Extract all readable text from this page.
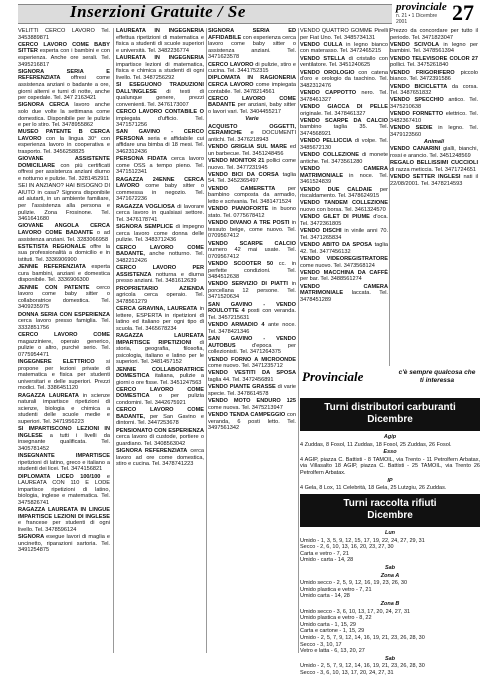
Inserzioni Gratuite / Se	provinciale
n. 21 • 1 Dicembre 2001	27

VELITTI CERCO LAVORO Tel. 3453889871

CERCO LAVORO COME BABY SITTER esperta con i bambini e con esperienza. Anche ore serali. Tel. 3495216817

SIGNORA SERIA E REFERENZIATA offresi come assistenza anziani o badante a ore, giorni alterni e turni di notte, anche per ospedale. Tel. 347 2163421

SIGNORA CERCA lavoro anche solo due volte la settimana come domestica. Disponibile per le pulizie e per lo stiro. Tel. 3478955862

MUSEO PATENTE B CERCA LAVORO con la lingua 30° con esperienza lavoro in cooperativa e trasporto. Tel. 3456258825

GIOVANE ASSISTENTE DOMICILIARE con più certificati offresi per assistenza anziani diurno e notturno e pulizie. Tel. 3281452911

SEI IN ANZIANO? HAI BISOGNO DI AIUTO in casa? Signora disponibile ad aiutarti, in un ambiente familiare, per l'assistenza alla persona e pulizie. Zona Frosinone. Tel. 3461641680

GIOVANE ANGOLA CERCA LAVORO COME BADANTE o ad assistenza anziani. Tel. 3283066958

ESTETISTA REGIONALE offre la sua professionalità a domicilio e in istituti. Tel. 3336906900

JENNIE REFERENZIATA esperta cura bambini, anziani e domestica disponibile. Tel. 3336906300

JENNIE CON PATENTE cerco lavoro come baby sitter o collaboratrice domestica. Tel. 3409235975

DONNA SERIA CON ESPERIENZA cerca lavoro presso famiglia. Tel. 3332851756

CERCO LAVORO COME magazziniere, operaio generico, pulizie o altro, purché serio. Tel. 0775954471

INGEGNERE ELETTRICO si propone per lezioni private di matematica e fisica per studenti universitari e delle superiori. Prezzi modici. Tel. 3386451120

RAGAZZA LAUREATA in scienze naturali impartisce ripetizioni di scienze, biologia e chimica a studenti delle scuole medie e superiori. Tel. 3471956223

SI IMPARTISCONO LEZIONI IN INGLESE a tutti i livelli da insegnante qualificata. Tel. 3405781452

INSEGNANTE IMPARTISCE ripetizioni di latino, greco e italiano a studenti dei licei. Tel. 3474156821

DIPLOMATA LICEO 100/100 e LAUREATA CON 110 E LODE impartisce ripetizioni di latino, biologia, inglese e matematica. Tel. 3475826741

RAGAZZA LAUREATA IN LINGUE IMPARTISCE LEZIONI DI INGLESE e francese per studenti di ogni livello. Tel. 3478596124

SIGNORA esegue lavori di maglia e uncinetto, riparazioni sartoria. Tel. 3491254875

LAUREATA IN INGEGNERIA effettua ripetizioni di matematica e fisica a studenti di scuole superiori e università. Tel. 3482236774

LAUREATA IN INGEGNERIA impartisce lezioni di matematica, fisica e chimica a studenti di ogni livello. Tel. 3487256292

SI ESEGUONO TRADUZIONI DALL'INGLESE di testi di qualunque genere, prezzi convenienti. Tel. 3476173007

CERCO LAVORO CONTABILE O impiegata d'ufficio. Tel. 3471571256

SAN GAVINO - CERCO PERSONA seria e affidabile cui affidare una bimba di 18 mesi. Tel. 3462312436

PERSONA FIDATA cerca lavoro come OSS a tempo pieno. Tel. 3471512341

RAGAZZA 24ENNE CERCA LAVORO come baby sitter o commessa in negozio. Tel. 3471672236

RAGAZZA VOGLIOSA di lavorare cerca lavoro in qualsiasi settore. Tel. 3476178741

SIGNORA SEMPLICE di impegno cerca lavoro come donna delle pulizie. Tel. 3483712436

CERCO LAVORO COME BADANTE, anche notturno. Tel. 3482212426

CERCO LAVORO PER ASSISTENZA notturna e diurna presso anziani. Tel. 3481612639

PROPRIETARIO AZIENDA agricola cerca operaio. Tel. 3478561279

CERCA GRAVINA, LAUREATA in lettere, ESPERTA in ripetizioni di latino ed italiano per ogni tipo di scuola. Tel. 3465678234

RAGAZZA LAUREATA IMPARTISCE RIPETIZIONI di storia, geografia, filosofia, psicologia, italiano e latino per le superiori. Tel. 3481457152

JENNIE COLLABORATRICE DOMESTICA italiana, pulizie a giorni o ore fisse. Tel. 3451247563

CERCO LAVORO COME DOMESTICA o per pulizia condomini. Tel. 3442675921

CERCO LAVORO COME BADANTE, per San Gavino e dintorni. Tel. 3447253678

PENSIONATO CON ESPERIENZA cerca lavoro di custode, portiere o guardiano. Tel. 3408563042

SIGNORA REFERENZIATA cerca lavoro ad ore come domestica, stiro e cucina. Tel. 3478741223

SIGNORA SERIA ED AFFIDABILE con esperienza cerca lavoro come baby sitter o assistenza anziani. Tel. 3471623578

CERCO LAVORO di pulizie, stiro e cucina. Tel. 3441752315

DIPLOMATA IN RAGIONERIA CERCA LAVORO come impiegata contabile. Tel. 3478214561

CERCO LAVORO COME BADANTE per anziani, baby sitter o lavori vari. Tel. 3404455217

Varie

ACQUISTO OGGETTI, CERAMICHE e DOCUMENTI antichi. Tel. 3476218943

VENDO GRIGLIA SUL MARE ed un barbecue. Tel. 3451248456

VENDO MONITOR 21 pollici come nuovo. Tel. 3477231945

VENDO BICI DA CORSA taglia 54. Tel. 3452365497

VENDO CAMERETTA per bambino composta da armadio, letto e scrivania. Tel. 3481471524

VENDO PIANOFORTE in buono stato. Tel. 0775678412

VENDO DIVANO A TRE POSTI in tessuto beige, come nuovo. Tel. 0709567412

VENDO SCARPE CALCIO numero 42 mai usate. Tel. 0709567412

VENDO SCOOTER 50 cc. in perfette condizioni. Tel. 3484512638

VENDO SERVIZIO DI PIATTI in porcellana 12 persone. Tel. 3471520634

SAN GAVINO - VENDO ROULOTTE 4 posti con veranda. Tel. 3457215631

VENDO ARMADIO 4 ante noce. Tel. 3478421346

SAN GAVINO - VENDO AUTOBUS d'epoca per collezionisti. Tel. 3471264375

VENDO FORNO A MICROONDE come nuovo. Tel. 3471235712

VENDO VESTITI DA SPOSA taglia 44. Tel. 3472456891

VENDO PIANTE GRASSE di varie specie. Tel. 3478614578

VENDO MOTO ENDURO 125 come nuova. Tel. 3475213947

VENDO TENDA CAMPEGGIO con veranda, 6 posti letto. Tel. 3497561342

VENDO QUATTRO GOMME Pirelli per Fiat Uno. Tel. 3485734131

VENDO CULLA in legno bianco con materasso. Tel. 3472465215

VENDO STELLA di cristallo con ventilatore. Tel. 3451240625

VENDO OROLOGIO con catena d'oro e orologio da taschino. Tel. 3482312476

VENDO CAPPOTTO nero. Tel. 3478461327

VENDO GIACCA DI PELLE originale. Tel. 3478461327

VENDO SCARPE DA CALCIO bambino taglia 35. Tel. 3474568921

VENDO PELLICCIA di volpe. Tel. 3485672130

VENDO COLLEZIONE di monete antiche. Tel. 3473561280

VENDO CAMERA MATRIMONIALE in noce. Tel. 3461524839

VENDO DUE CALDAIE per riscaldamento. Tel. 3478624915

VENDO TANDEM COLLEZIONE nuovo con borsa. Tel. 3461324570

VENDO GILET DI PIUME d'oca. Tel. 3472361805

VENDO DISCHI in vinile anni 70. Tel. 3471265834

VENDO ABITO DA SPOSA taglia 42. Tel. 3477456132

VENDO VIDEOREGISTRATORE come nuovo. Tel. 3473568124

VENDO MACCHINA DA CAFFÈ per bar. Tel. 3488561274

VENDO CAMERA MATRIMONIALE laccata. Tel. 3478451289

Prezzo da concordare per tutto il periodo. Tel. 3471823047

VENDO SCIVOLA in legno per bambini. Tel. 3478561394

VENDO TELEVISORE COLOR 27 pollici. Tel. 3475261840

VENDO FRIGORIFERO piccolo bianco. Tel. 3472391586

VENDO BICICLETTA da corsa. Tel. 3487651832

VENDO SPECCHIO antico. Tel. 3475210638

VENDO FORNETTO elettrico. Tel. 3482367410

VENDO SEDIE in legno. Tel. 3479123560

Animali

VENDO CANARINI gialli, bianchi, rossi e arancio. Tel. 3451248569

REGALO BELLISSIMI CUCCIOLI di razza meticcia. Tel. 3471724651

VENDO SETTER INGLESI nati il 22/08/2001. Tel. 3478214593

Provinciale	c'è sempre qualcosa che ti interessa
Turni distributori carburanti
Dicembre
Agip
4 Zuddas, 8 Fosol, 11 Zuddas, 18 Fosol, 25 Zuddas, 26 Fosol.
Esso
4 AGIP, piazza C. Battisti - 8 TAMOIL, via Trento - 11 Petrolfern Arbatax, via Villasalto 18 AGIP, piazza C. Battisti - 25 TAMOIL, via Trento 26 Petrolfern Arbatax.
IP
4 Gela, 8 Lox, 11 Celebrità, 18 Gela, 25 Lutzgiu, 26 Zuddas.
Turni raccolta rifiuti
Dicembre
Lun
Umido - 1, 3, 5, 9, 12, 15, 17, 19, 22, 24, 27, 29, 31
Secco - 2, 6, 10, 13, 16, 20, 23, 27, 30
Carta e vetro - 7, 21
Umido - carta - 14, 28
Sab
Zona A
Umido secco - 2, 5, 9, 12, 16, 19, 23, 26, 30
Umido plastica e vetro - 7, 21
Umido carta - 14, 28
Zona B
Umido secco - 3, 6, 10, 13, 17, 20, 24, 27, 31
Umido plastica e vetro - 8, 22
Umido carta - 1, 15, 29
Carta e cartone - 1, 15, 29
Umido - 2, 5, 7, 9, 12, 14, 16, 19, 21, 23, 26, 28, 30
Secco - 3, 10, 17
Vetro e latta - 6, 13, 20, 27
Sab
Umido - 2, 5, 7, 9, 12, 14, 16, 19, 21, 23, 26, 28, 30
Secco - 3, 6, 10, 13, 17, 20, 24, 27, 31
